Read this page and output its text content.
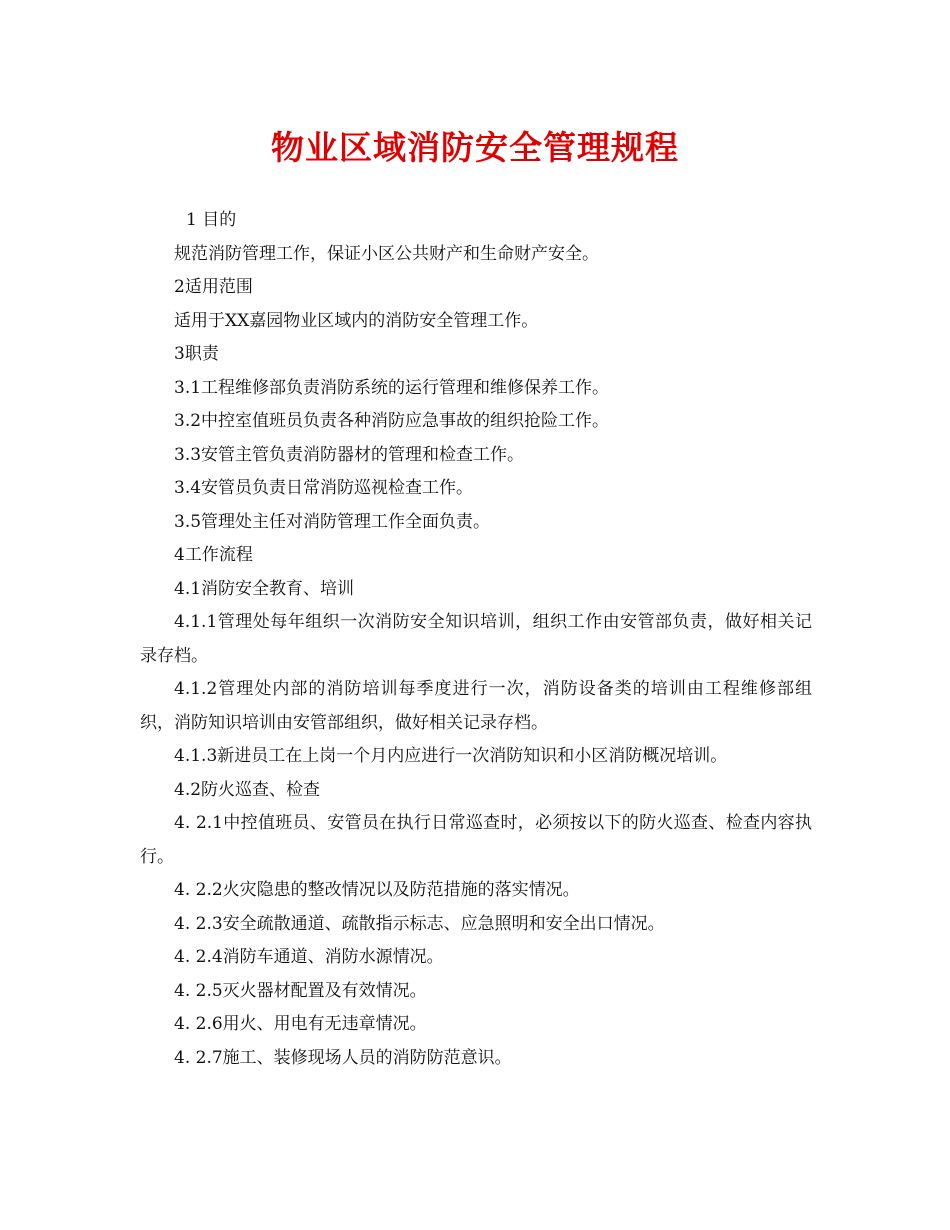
物业区域消防安全管理规程

1 目的

规范消防管理工作，保证小区公共财产和生命财产安全。

2适用范围

适用于XX嘉园物业区域内的消防安全管理工作。

3职责

3.1工程维修部负责消防系统的运行管理和维修保养工作。

3.2中控室值班员负责各种消防应急事故的组织抢险工作。

3.3安管主管负责消防器材的管理和检查工作。

3.4安管员负责日常消防巡视检查工作。

3.5管理处主任对消防管理工作全面负责。

4工作流程

4.1消防安全教育、培训

4.1.1管理处每年组织一次消防安全知识培训，组织工作由安管部负责，做好相关记录存档。

4.1.2管理处内部的消防培训每季度进行一次，消防设备类的培训由工程维修部组织，消防知识培训由安管部组织，做好相关记录存档。

4.1.3新进员工在上岗一个月内应进行一次消防知识和小区消防概况培训。

4.2防火巡查、检查

4. 2.1中控值班员、安管员在执行日常巡查时，必须按以下的防火巡查、检查内容执行。

4. 2.2火灾隐患的整改情况以及防范措施的落实情况。

4. 2.3安全疏散通道、疏散指示标志、应急照明和安全出口情况。

4. 2.4消防车通道、消防水源情况。

4. 2.5灭火器材配置及有效情况。

4. 2.6用火、用电有无违章情况。

4. 2.7施工、装修现场人员的消防防范意识。
